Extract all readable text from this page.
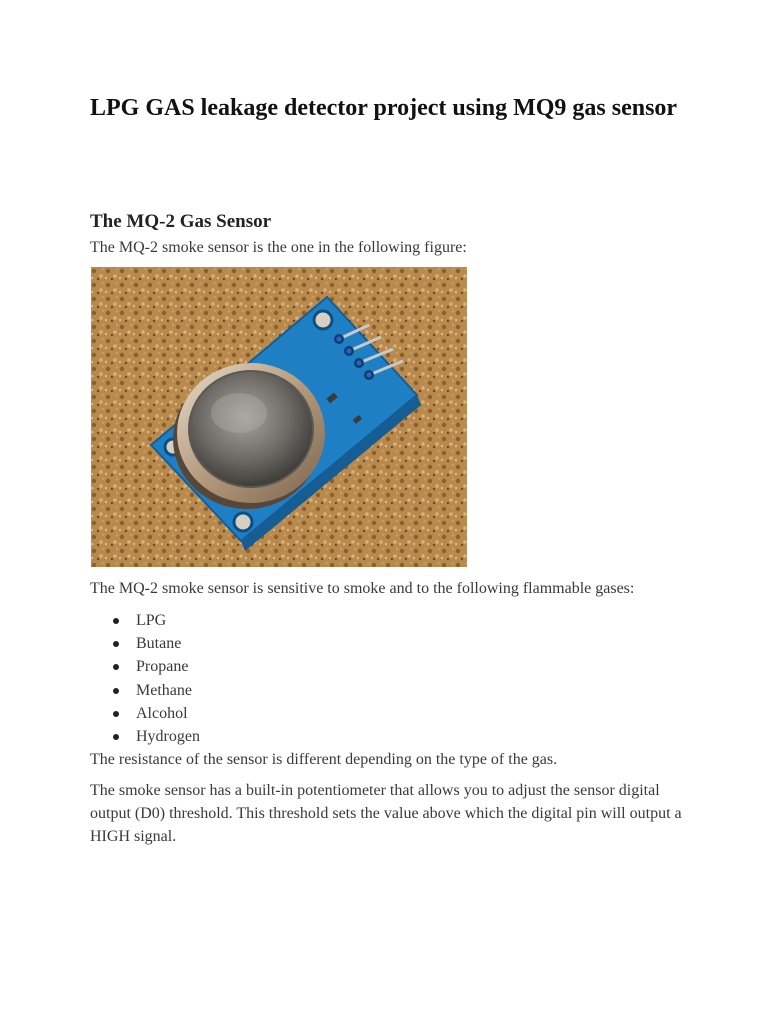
LPG GAS leakage detector project using MQ9 gas sensor
The MQ-2 Gas Sensor

The MQ-2 smoke sensor is the one in the following figure:

The MQ-2 smoke sensor is sensitive to smoke and to the following flammable gases:

LPG
Butane
Propane
Methane
Alcohol
Hydrogen

The resistance of the sensor is different depending on the type of the gas.

The smoke sensor has a built-in potentiometer that allows you to adjust the sensor digital output (D0) threshold. This threshold sets the value above which the digital pin will output a HIGH signal.
